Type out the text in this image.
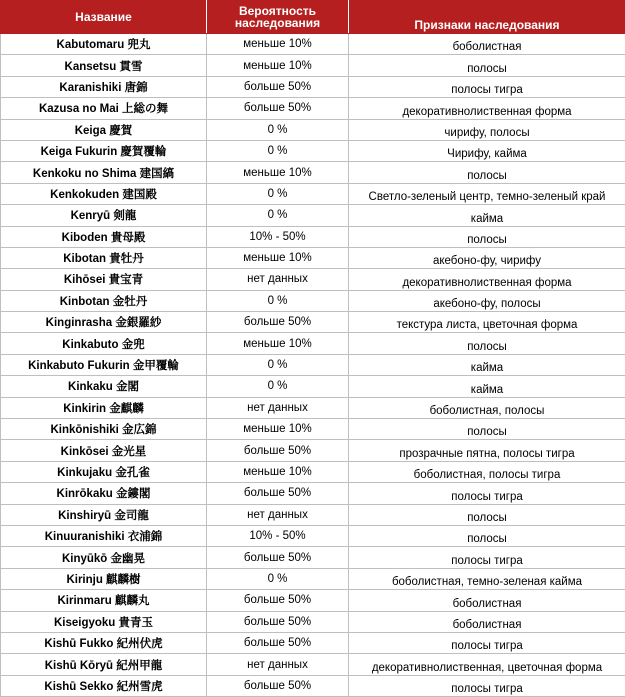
Название	Вероятность наследования	Признаки наследования
Kabutomaru 兜丸	меньше 10%	боболистная
Kansetsu 貫雪	меньше 10%	полосы
Karanishiki 唐錦	больше 50%	полосы тигра
Kazusa no Mai 上総の舞	больше 50%	декоративнолиственная форма
Keiga 慶賀	0 %	чирифу, полосы
Keiga Fukurin 慶賀覆輪	0 %	Чирифу, кайма
Kenkoku no Shima 建国縞	меньше 10%	полосы
Kenkokuden 建国殿	0 %	Светло-зеленый центр, темно-зеленый край
Kenryū 剣龍	0 %	кайма
Kiboden 貴母殿	10% - 50%	полосы
Kibotan 貴牡丹	меньше 10%	акебоно-фу, чирифу
Kihōsei 貴宝青	нет данных	декоративнолиственная форма
Kinbotan 金牡丹	0 %	акебоно-фу, полосы
Kinginrasha 金銀羅紗	больше 50%	текстура листа, цветочная форма
Kinkabuto 金兜	меньше 10%	полосы
Kinkabuto Fukurin 金甲覆輪	0 %	кайма
Kinkaku 金閣	0 %	кайма
Kinkirin 金麒麟	нет данных	боболистная, полосы
Kinkōnishiki 金広錦	меньше 10%	полосы
Kinkōsei 金光星	больше 50%	прозрачные пятна, полосы тигра
Kinkujaku 金孔雀	меньше 10%	боболистная, полосы тигра
Kinrōkaku 金鏤閣	больше 50%	полосы тигра
Kinshiryū 金司龍	нет данных	полосы
Kinuuranishiki 衣浦錦	10% - 50%	полосы
Kinyūkō 金幽晃	больше 50%	полосы тигра
Kirinju 麒麟樹	0 %	боболистная, темно-зеленая кайма
Kirinmaru 麒麟丸	больше 50%	боболистная
Kiseigyoku 貴青玉	больше 50%	боболистная
Kishū Fukko 紀州伏虎	больше 50%	полосы тигра
Kishū Kōryū 紀州甲龍	нет данных	декоративнолиственная, цветочная форма
Kishū Sekko 紀州雪虎	больше 50%	полосы тигра
